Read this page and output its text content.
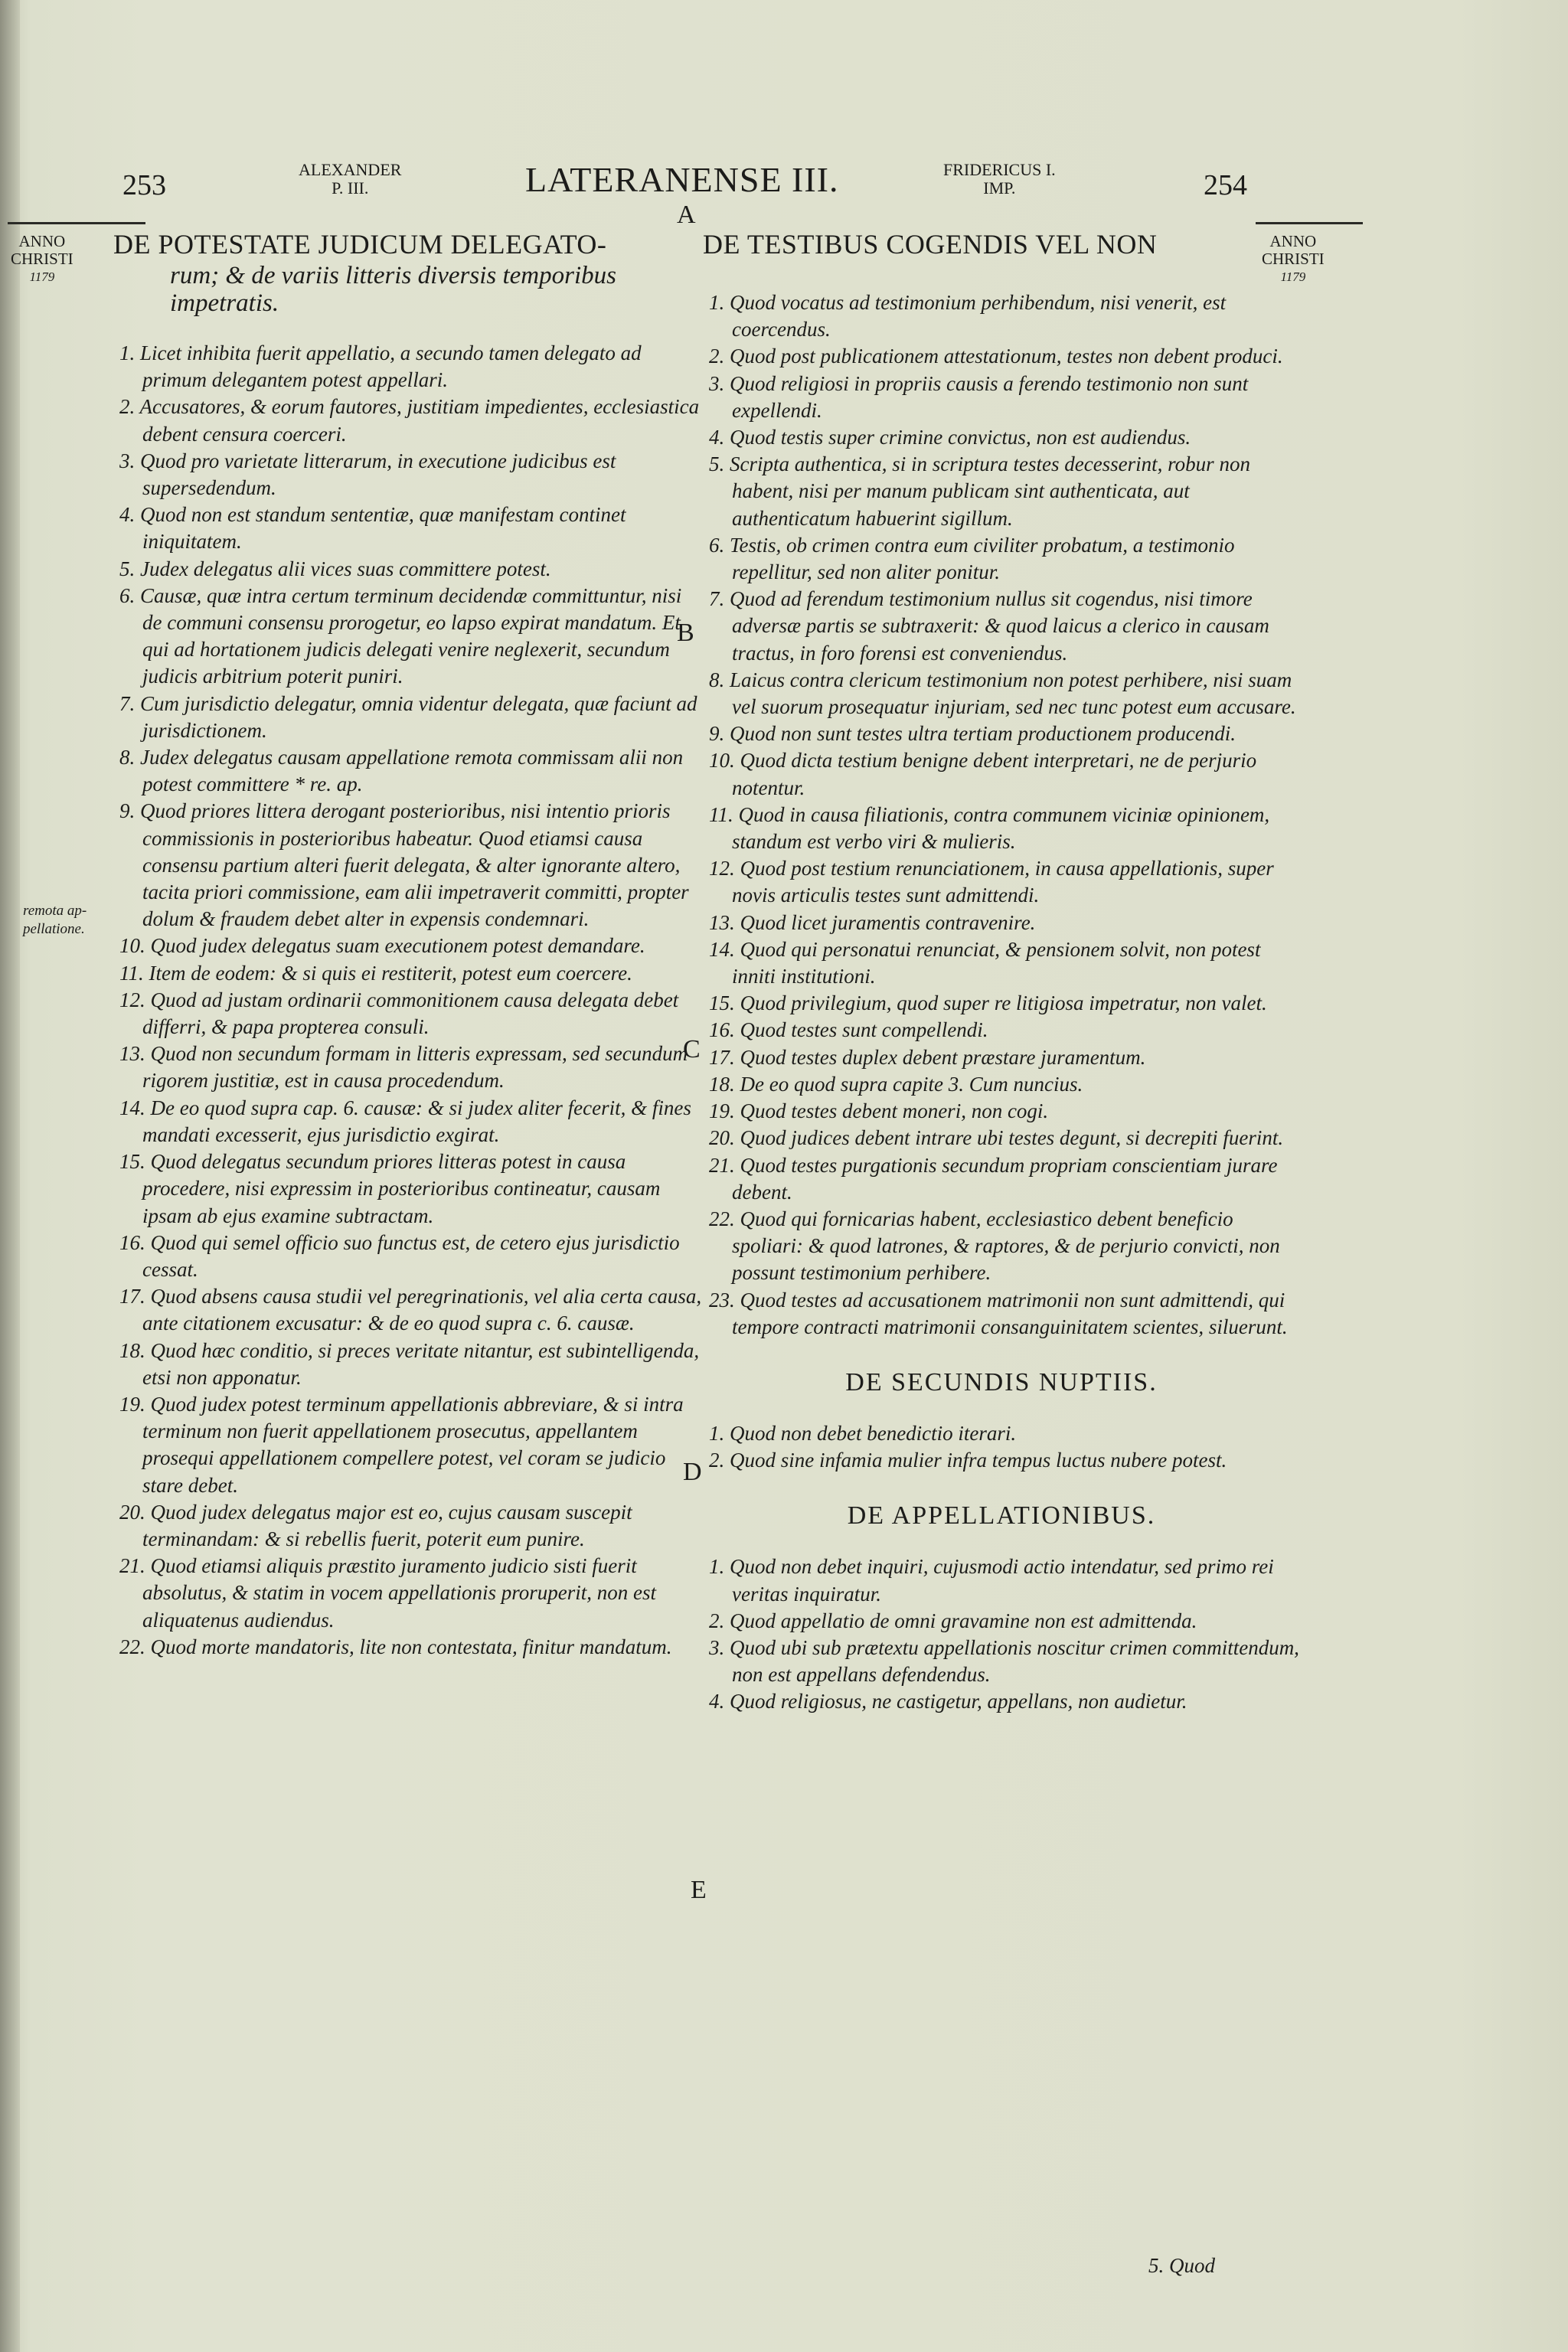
253	ALEXANDER
P. III.	LATERANENSE III.	FRIDERICUS I.
IMP.	254
ANNO
CHRISTI
1179
ANNO
CHRISTI
1179
remota ap-
pellatione.
A
B
C
D
E
DE POTESTATE JUDICUM DELEGATO-
rum; & de variis litteris diversis temporibus impetratis.
1. Licet inhibita fuerit appellatio, a secundo tamen delegato ad primum delegantem potest appellari.
2. Accusatores, & eorum fautores, justitiam impedientes, ecclesiastica debent censura coerceri.
3. Quod pro varietate litterarum, in executione judicibus est supersedendum.
4. Quod non est standum sententiæ, quæ manifestam continet iniquitatem.
5. Judex delegatus alii vices suas committere potest.
6. Causæ, quæ intra certum terminum decidendæ committuntur, nisi de communi consensu prorogetur, eo lapso expirat mandatum. Et qui ad hortationem judicis delegati venire neglexerit, secundum judicis arbitrium poterit puniri.
7. Cum jurisdictio delegatur, omnia videntur delegata, quæ faciunt ad jurisdictionem.
8. Judex delegatus causam appellatione remota commissam alii non potest committere * re. ap.
9. Quod priores littera derogant posterioribus, nisi intentio prioris commissionis in posterioribus habeatur. Quod etiamsi causa consensu partium alteri fuerit delegata, & alter ignorante altero, tacita priori commissione, eam alii impetraverit committi, propter dolum & fraudem debet alter in expensis condemnari.
10. Quod judex delegatus suam executionem potest demandare.
11. Item de eodem: & si quis ei restiterit, potest eum coercere.
12. Quod ad justam ordinarii commonitionem causa delegata debet differri, & papa propterea consuli.
13. Quod non secundum formam in litteris expressam, sed secundum rigorem justitiæ, est in causa procedendum.
14. De eo quod supra cap. 6. causæ: & si judex aliter fecerit, & fines mandati excesserit, ejus jurisdictio exgirat.
15. Quod delegatus secundum priores litteras potest in causa procedere, nisi expressim in posterioribus contineatur, causam ipsam ab ejus examine subtractam.
16. Quod qui semel officio suo functus est, de cetero ejus jurisdictio cessat.
17. Quod absens causa studii vel peregrinationis, vel alia certa causa, ante citationem excusatur: & de eo quod supra c. 6. causæ.
18. Quod hæc conditio, si preces veritate nitantur, est subintelligenda, etsi non apponatur.
19. Quod judex potest terminum appellationis abbreviare, & si intra terminum non fuerit appellationem prosecutus, appellantem prosequi appellationem compellere potest, vel coram se judicio stare debet.
20. Quod judex delegatus major est eo, cujus causam suscepit terminandam: & si rebellis fuerit, poterit eum punire.
21. Quod etiamsi aliquis præstito juramento judicio sisti fuerit absolutus, & statim in vocem appellationis proruperit, non est aliquatenus audiendus.
22. Quod morte mandatoris, lite non contestata, finitur mandatum.
DE TESTIBUS COGENDIS VEL NON
1. Quod vocatus ad testimonium perhibendum, nisi venerit, est coercendus.
2. Quod post publicationem attestationum, testes non debent produci.
3. Quod religiosi in propriis causis a ferendo testimonio non sunt expellendi.
4. Quod testis super crimine convictus, non est audiendus.
5. Scripta authentica, si in scriptura testes decesserint, robur non habent, nisi per manum publicam sint authenticata, aut authenticatum habuerint sigillum.
6. Testis, ob crimen contra eum civiliter probatum, a testimonio repellitur, sed non aliter ponitur.
7. Quod ad ferendum testimonium nullus sit cogendus, nisi timore adversæ partis se subtraxerit: & quod laicus a clerico in causam tractus, in foro forensi est conveniendus.
8. Laicus contra clericum testimonium non potest perhibere, nisi suam vel suorum prosequatur injuriam, sed nec tunc potest eum accusare.
9. Quod non sunt testes ultra tertiam productionem producendi.
10. Quod dicta testium benigne debent interpretari, ne de perjurio notentur.
11. Quod in causa filiationis, contra communem viciniæ opinionem, standum est verbo viri & mulieris.
12. Quod post testium renunciationem, in causa appellationis, super novis articulis testes sunt admittendi.
13. Quod licet juramentis contravenire.
14. Quod qui personatui renunciat, & pensionem solvit, non potest inniti institutioni.
15. Quod privilegium, quod super re litigiosa impetratur, non valet.
16. Quod testes sunt compellendi.
17. Quod testes duplex debent præstare juramentum.
18. De eo quod supra capite 3. Cum nuncius.
19. Quod testes debent moneri, non cogi.
20. Quod judices debent intrare ubi testes degunt, si decrepiti fuerint.
21. Quod testes purgationis secundum propriam conscientiam jurare debent.
22. Quod qui fornicarias habent, ecclesiastico debent beneficio spoliari: & quod latrones, & raptores, & de perjurio convicti, non possunt testimonium perhibere.
23. Quod testes ad accusationem matrimonii non sunt admittendi, qui tempore contracti matrimonii consanguinitatem scientes, siluerunt.
DE SECUNDIS NUPTIIS.
1. Quod non debet benedictio iterari.
2. Quod sine infamia mulier infra tempus luctus nubere potest.
DE APPELLATIONIBUS.
1. Quod non debet inquiri, cujusmodi actio intendatur, sed primo rei veritas inquiratur.
2. Quod appellatio de omni gravamine non est admittenda.
3. Quod ubi sub prætextu appellationis noscitur crimen committendum, non est appellans defendendus.
4. Quod religiosus, ne castigetur, appellans, non audietur.
5. Quod
